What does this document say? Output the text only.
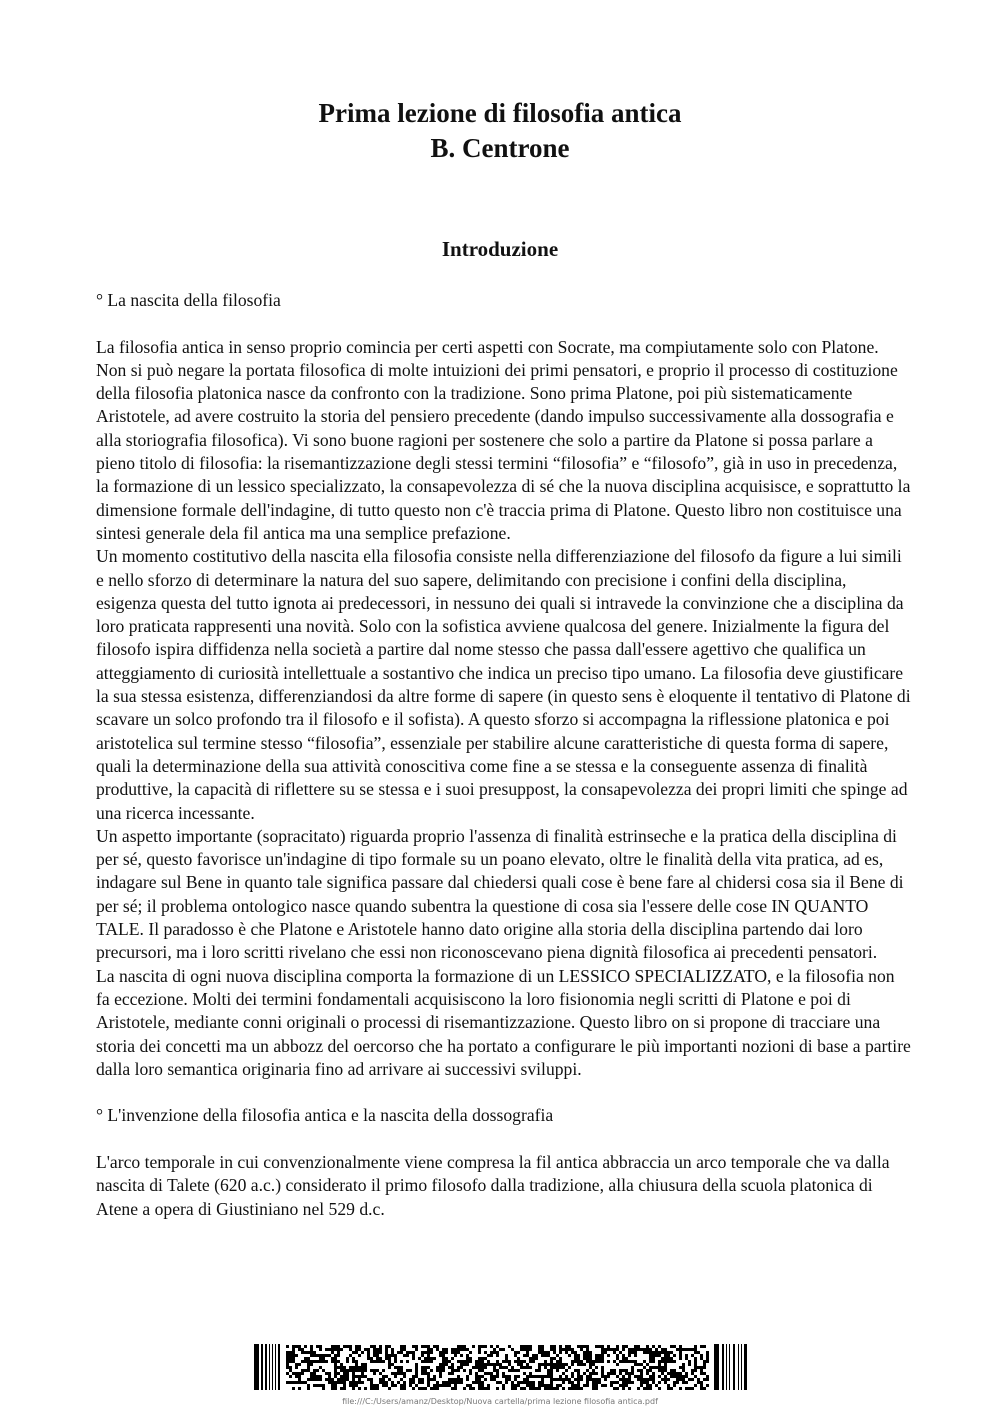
Prima lezione di filosofia antica

B. Centrone

Introduzione

° La nascita della filosofia

La filosofia antica in senso proprio comincia per certi aspetti con Socrate, ma compiutamente solo con Platone. Non si può negare la portata filosofica di molte intuizioni dei primi pensatori, e proprio il processo di costituzione della filosofia platonica nasce da confronto con la tradizione. Sono prima Platone, poi più sistematicamente Aristotele, ad avere costruito la storia del pensiero precedente (dando impulso successivamente alla dossografia e alla storiografia filosofica). Vi sono buone ragioni per sostenere che solo a partire da Platone si possa parlare a pieno titolo di filosofia: la risemantizzazione degli stessi termini “filosofia” e “filosofo”, già in uso in precedenza, la formazione di un lessico specializzato, la consapevolezza di sé che la nuova disciplina acquisisce, e soprattutto la dimensione formale dell'indagine, di tutto questo non c'è traccia prima di Platone. Questo libro non costituisce una sintesi generale dela fil antica ma una semplice prefazione.

Un momento costitutivo della nascita ella filosofia consiste nella differenziazione del filosofo da figure a lui simili e nello sforzo di determinare la natura del suo sapere, delimitando con precisione i confini della disciplina, esigenza questa del tutto ignota ai predecessori, in nessuno dei quali si intravede la convinzione che a disciplina da loro praticata rappresenti una novità. Solo con la sofistica avviene qualcosa del genere. Inizialmente la figura del filosofo ispira diffidenza nella società a partire dal nome stesso che passa dall'essere agettivo che qualifica un atteggiamento di curiosità intellettuale a sostantivo che indica un preciso tipo umano. La filosofia deve giustificare la sua stessa esistenza, differenziandosi da altre forme di sapere (in questo sens è eloquente il tentativo di Platone di scavare un solco profondo tra il filosofo e il sofista). A questo sforzo si accompagna la riflessione platonica e poi aristotelica sul termine stesso “filosofia”, essenziale per stabilire alcune caratteristiche di questa forma di sapere, quali la determinazione della sua attività conoscitiva come fine a se stessa e la conseguente assenza di finalità produttive, la capacità di riflettere su se stessa e i suoi presuppost, la consapevolezza dei propri limiti che spinge ad una ricerca incessante.

Un aspetto importante (sopracitato) riguarda proprio l'assenza di finalità estrinseche e la pratica della disciplina di per sé, questo favorisce un'indagine di tipo formale su un poano elevato, oltre le finalità della vita pratica, ad es, indagare sul Bene in quanto tale significa passare dal chiedersi quali cose è bene fare al chidersi cosa sia il Bene di per sé; il problema ontologico nasce quando subentra la questione di cosa sia l'essere delle cose IN QUANTO TALE. Il paradosso è che Platone e Aristotele hanno dato origine alla storia della disciplina partendo dai loro precursori, ma i loro scritti rivelano che essi non riconoscevano piena dignità filosofica ai precedenti pensatori.

La nascita di ogni nuova disciplina comporta la formazione di un LESSICO SPECIALIZZATO, e la filosofia non fa eccezione. Molti dei termini fondamentali acquisiscono la loro fisionomia negli scritti di Platone e poi di Aristotele, mediante conni originali o processi di risemantizzazione. Questo libro on si propone di tracciare una storia dei concetti ma un abbozz del oercorso che ha portato a configurare le più importanti nozioni di base a partire dalla loro semantica originaria fino ad arrivare ai successivi sviluppi.

° L'invenzione della filosofia antica e la nascita della dossografia

L'arco temporale in cui convenzionalmente viene compresa la fil antica abbraccia un arco temporale che va dalla nascita di Talete (620 a.c.) considerato il primo filosofo dalla tradizione, alla chiusura della scuola platonica di Atene a opera di Giustiniano nel 529 d.c.

file:///C:/Users/amanz/Desktop/Nuova cartella/prima lezione filosofia antica.pdf
